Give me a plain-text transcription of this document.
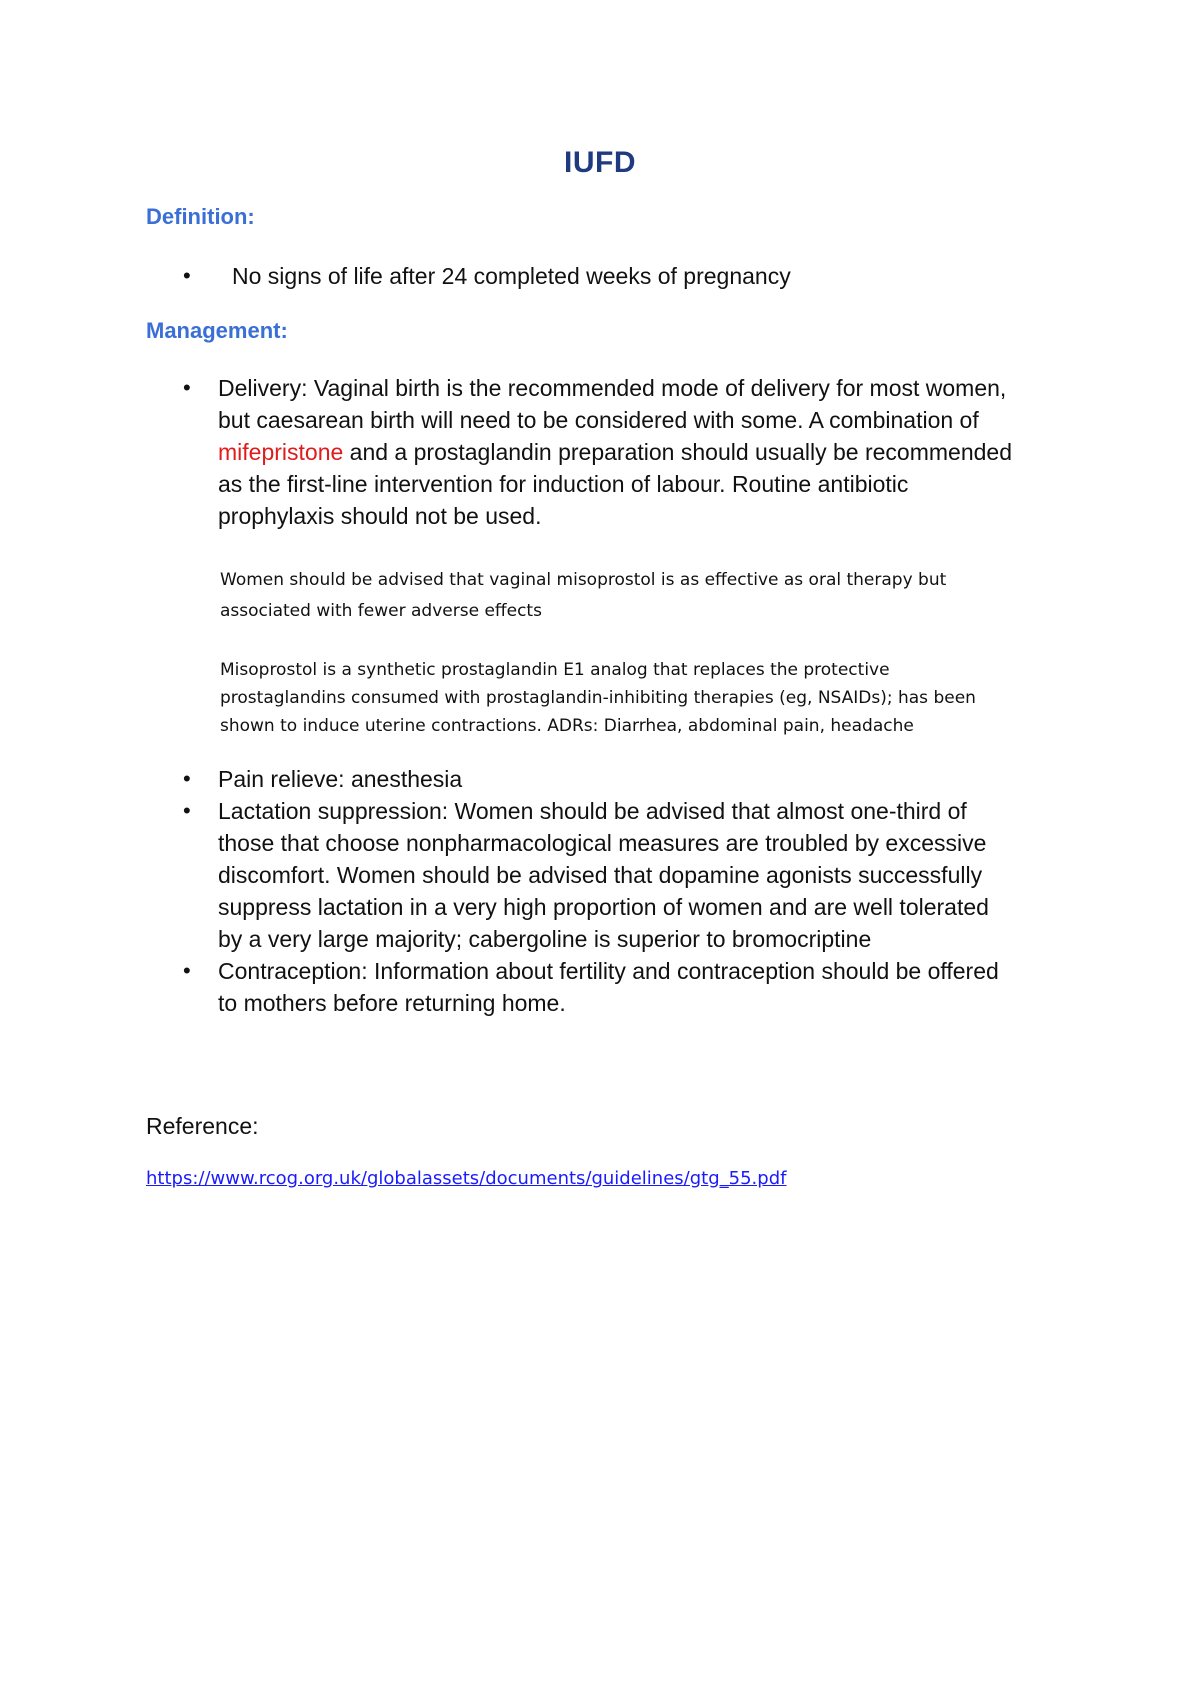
IUFD
Definition:
• No signs of life after 24 completed weeks of pregnancy
Management:
• Delivery: Vaginal birth is the recommended mode of delivery for most women,
but caesarean birth will need to be considered with some. A combination of
mifepristone and a prostaglandin preparation should usually be recommended
as the first-line intervention for induction of labour. Routine antibiotic
prophylaxis should not be used.
Women should be advised that vaginal misoprostol is as effective as oral therapy but
associated with fewer adverse effects
Misoprostol is a synthetic prostaglandin E1 analog that replaces the protective
prostaglandins consumed with prostaglandin-inhibiting therapies (eg, NSAIDs); has been
shown to induce uterine contractions. ADRs: Diarrhea, abdominal pain, headache
• Pain relieve: anesthesia
• Lactation suppression: Women should be advised that almost one-third of
those that choose nonpharmacological measures are troubled by excessive
discomfort. Women should be advised that dopamine agonists successfully
suppress lactation in a very high proportion of women and are well tolerated
by a very large majority; cabergoline is superior to bromocriptine
• Contraception: Information about fertility and contraception should be offered
to mothers before returning home.
Reference:
https://www.rcog.org.uk/globalassets/documents/guidelines/gtg_55.pdf
